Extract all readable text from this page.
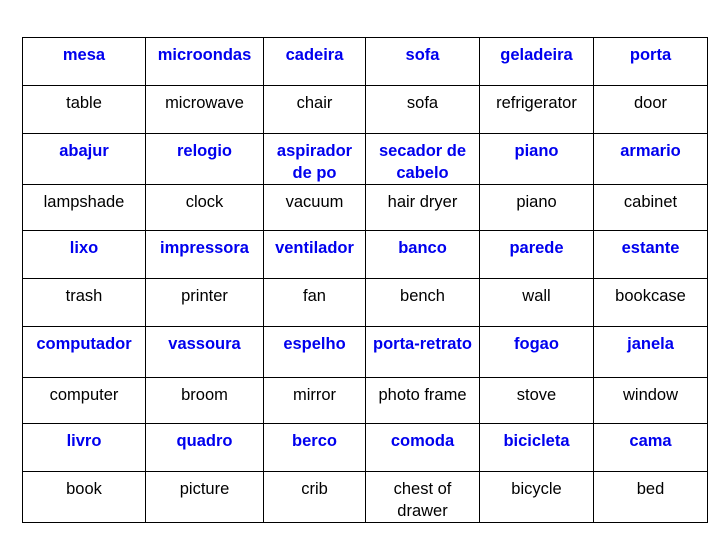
mesa	microondas	cadeira	sofa	geladeira	porta
table	microwave	chair	sofa	refrigerator	door
abajur	relogio	aspirador de po	secador de cabelo	piano	armario
lampshade	clock	vacuum	hair dryer	piano	cabinet
lixo	impressora	ventilador	banco	parede	estante
trash	printer	fan	bench	wall	bookcase
computador	vassoura	espelho	porta-retrato	fogao	janela
computer	broom	mirror	photo frame	stove	window
livro	quadro	berco	comoda	bicicleta	cama
book	picture	crib	chest of drawer	bicycle	bed
